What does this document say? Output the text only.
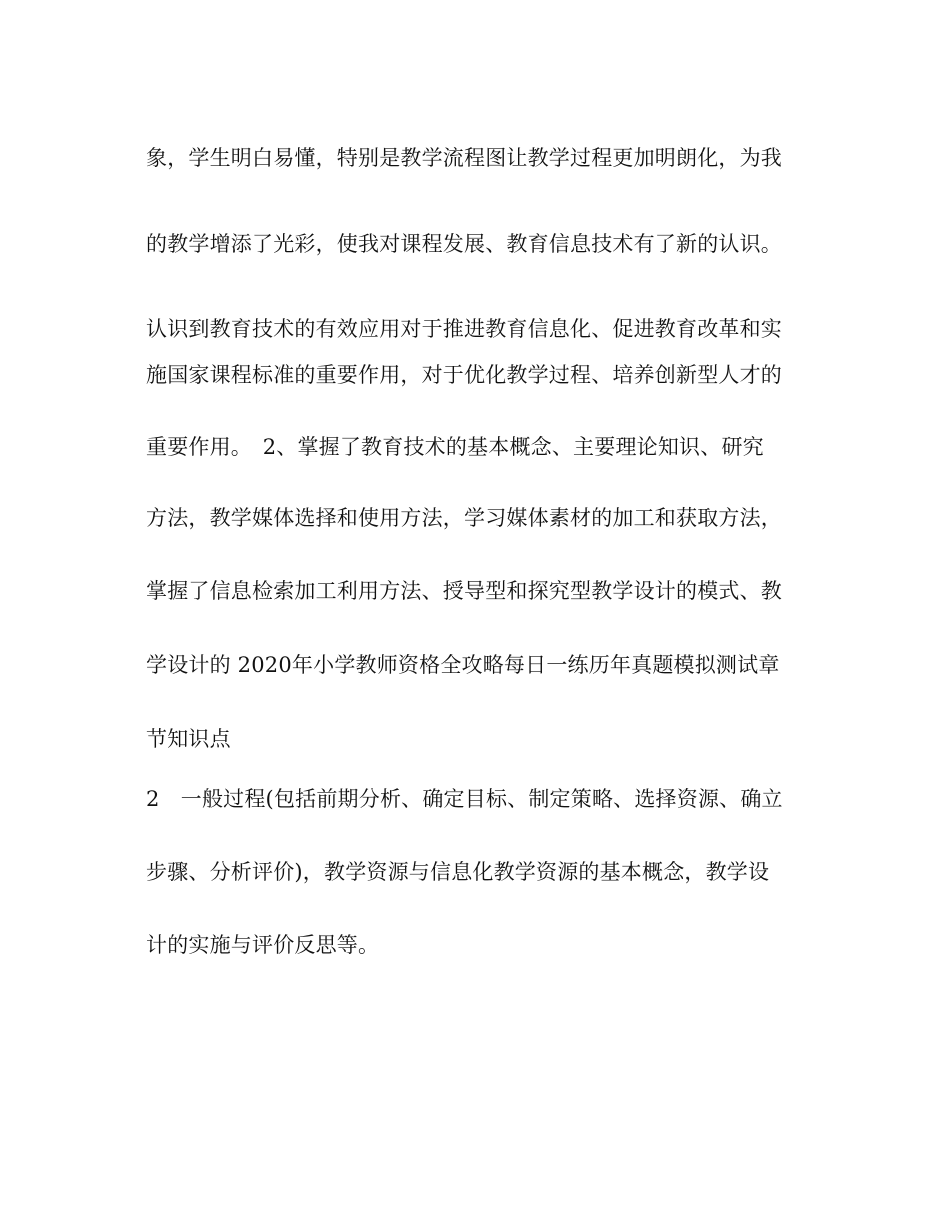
象，学生明白易懂，特别是教学流程图让教学过程更加明朗化，为我
的教学增添了光彩，使我对课程发展、教育信息技术有了新的认识。
认识到教育技术的有效应用对于推进教育信息化、促进教育改革和实
施国家课程标准的重要作用，对于优化教学过程、培养创新型人才的
重要作用。　2、掌握了教育技术的基本概念、主要理论知识、研究
方法，教学媒体选择和使用方法，学习媒体素材的加工和获取方法，
掌握了信息检索加工利用方法、授导型和探究型教学设计的模式、教
学设计的 2020年小学教师资格全攻略每日一练历年真题模拟测试章
节知识点
2　一般过程(包括前期分析、确定目标、制定策略、选择资源、确立
步骤、分析评价)，教学资源与信息化教学资源的基本概念，教学设
计的实施与评价反思等。
